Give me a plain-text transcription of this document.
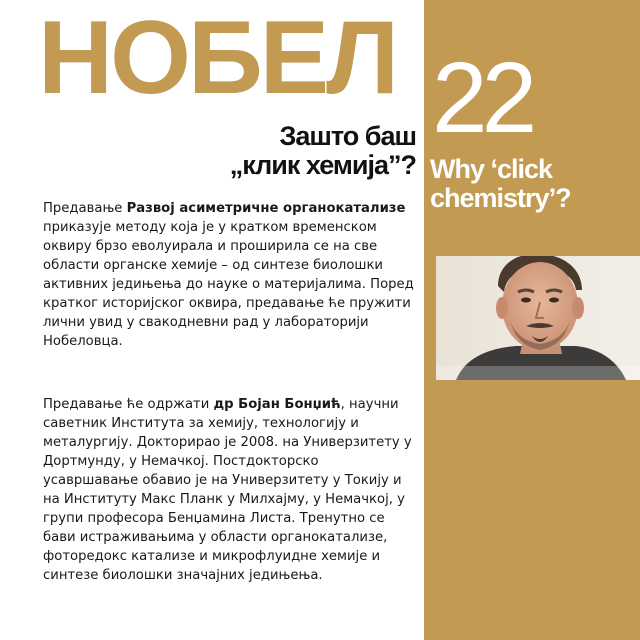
НОБЕЛ 22
Зашто баш
„клик хемија”? Why ‘click
chemistry’?

Предавање Развој асиметричне органокатализе приказује методу која је у кратком временском оквиру брзо еволуирала и проширила се на све области органске хемије – од синтезе биолошки активних једињења до науке о материјалима. Поред кратког историјског оквира, предавање ће пружити лични увид у свакодневни рад у лабораторији Нобеловца.

Предавање ће одржати др Бојан Бонџић, научни саветник Института за хемију, технологију и металургију. Докторирао је 2008. на Универзитету у Дортмунду, у Немачкој. Постдокторско усавршавање обавио је на Универзитету у Токију и на Институту Макс Планк у Милхајму, у Немачкој, у групи професора Бенџамина Листа. Тренутно се бави истраживањима у области органокатализе, фоторедокс катализе и микрофлуидне хемије и синтезе биолошки значајних једињења.
